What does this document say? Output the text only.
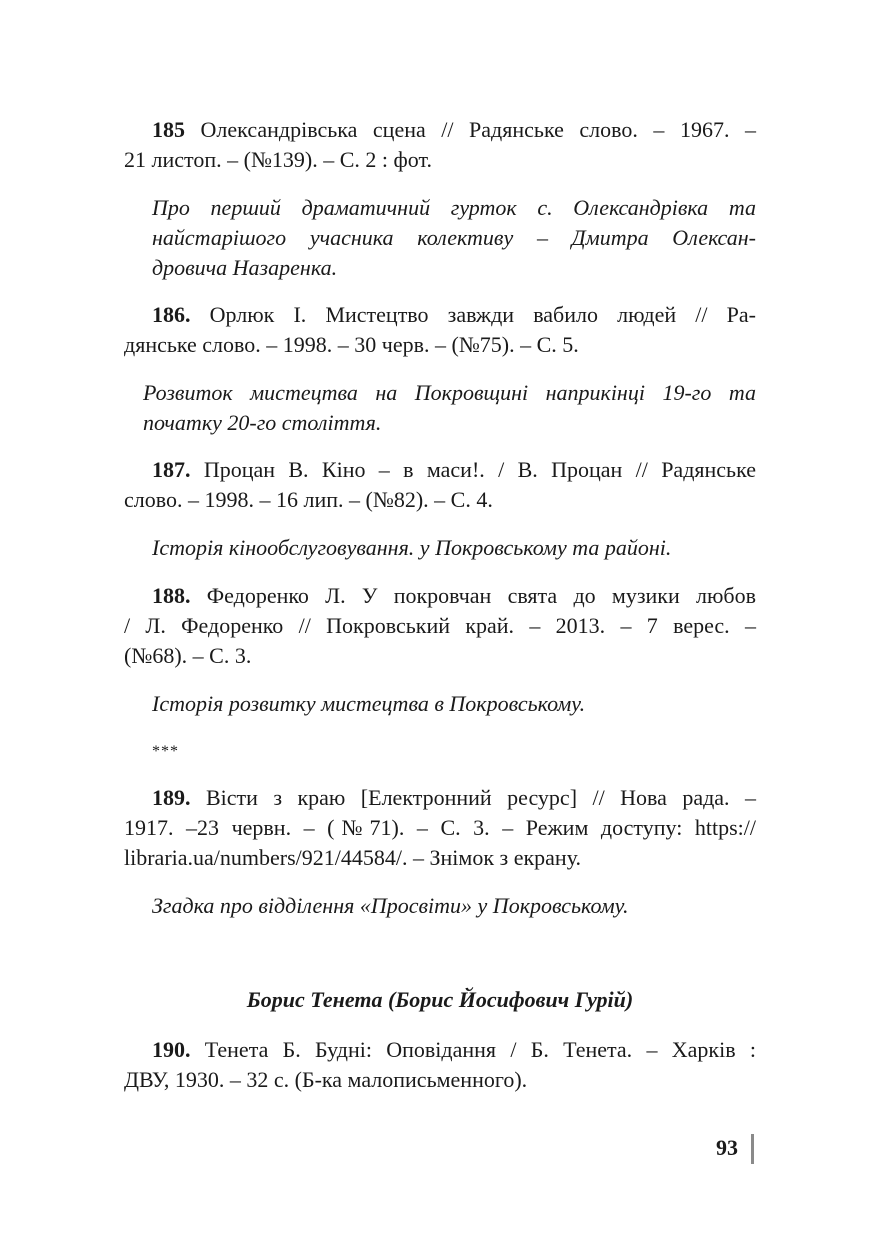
185 Олександрівська сцена // Радянське слово. – 1967. –
21 листоп. – (№139). – С. 2 : фот.
Про перший драматичний гурток с. Олександрівка та
найстарішого учасника колективу – Дмитра Олексан-
дровича Назаренка.
186. Орлюк І. Мистецтво завжди вабило людей // Ра-
дянське слово. – 1998. – 30 черв. – (№75). – С. 5.
Розвиток мистецтва на Покровщині наприкінці 19-го та
початку 20-го століття.
187. Процан В. Кіно – в маси!. / В. Процан // Радянське
слово. – 1998. – 16 лип. – (№82). – С. 4.
Історія кінообслуговування. у Покровському та районі.
188. Федоренко Л. У покровчан свята до музики любов
/ Л. Федоренко // Покровський край. – 2013. – 7 верес. –
(№68). – С. 3.
Історія розвитку мистецтва в Покровському.
***
189. Вісти з краю [Електронний ресурс] // Нова рада. –
1917. –23 червн. – (№71). – С. 3. – Режим доступу: https://
libraria.ua/numbers/921/44584/. – Знімок з екрану.
Згадка про відділення «Просвіти» у Покровському.
Борис Тенета (Борис Йосифович Гурій)
190. Тенета Б. Будні: Оповідання / Б. Тенета. – Харків :
ДВУ, 1930. – 32 с. (Б-ка малописьменного).
93
